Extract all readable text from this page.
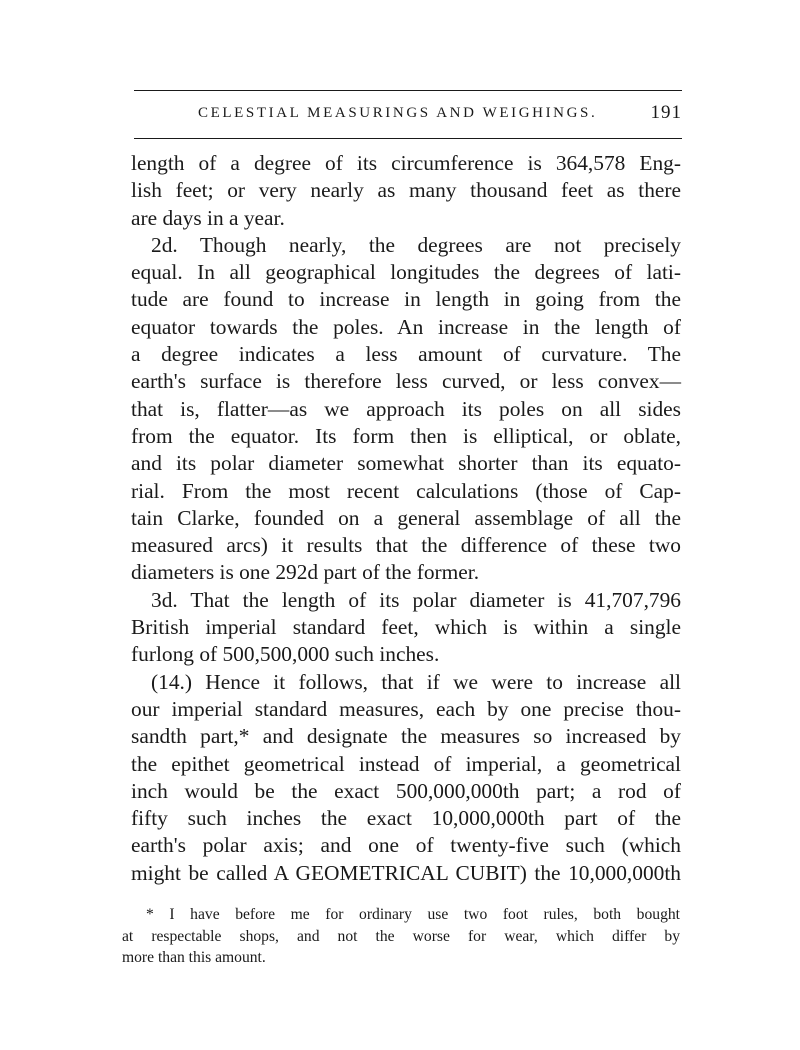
CELESTIAL MEASURINGS AND WEIGHINGS.	191
length of a degree of its circumference is 364,578 Eng-
lish feet; or very nearly as many thousand feet as there
are days in a year.
2d. Though nearly, the degrees are not precisely
equal. In all geographical longitudes the degrees of lati-
tude are found to increase in length in going from the
equator towards the poles. An increase in the length of
a degree indicates a less amount of curvature. The
earth's surface is therefore less curved, or less convex—
that is, flatter—as we approach its poles on all sides
from the equator. Its form then is elliptical, or oblate,
and its polar diameter somewhat shorter than its equato-
rial. From the most recent calculations (those of Cap-
tain Clarke, founded on a general assemblage of all the
measured arcs) it results that the difference of these two
diameters is one 292d part of the former.
3d. That the length of its polar diameter is 41,707,796
British imperial standard feet, which is within a single
furlong of 500,500,000 such inches.
(14.) Hence it follows, that if we were to increase all
our imperial standard measures, each by one precise thou-
sandth part,* and designate the measures so increased by
the epithet geometrical instead of imperial, a geometrical
inch would be the exact 500,000,000th part; a rod of
fifty such inches the exact 10,000,000th part of the
earth's polar axis; and one of twenty-five such (which
might be called A GEOMETRICAL CUBIT) the 10,000,000th
* I have before me for ordinary use two foot rules, both bought
at respectable shops, and not the worse for wear, which differ by
more than this amount.
